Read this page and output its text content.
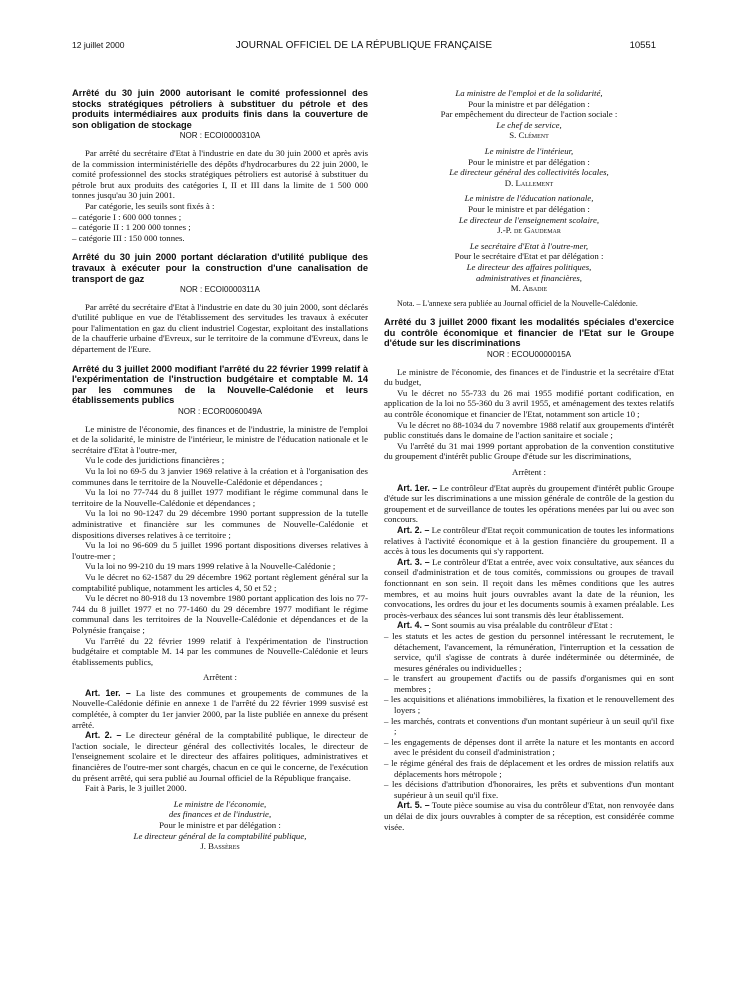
12 juillet 2000	JOURNAL OFFICIEL DE LA RÉPUBLIQUE FRANÇAISE	10551

Arrêté du 30 juin 2000 autorisant le comité professionnel des stocks stratégiques pétroliers à substituer du pétrole et des produits intermédiaires aux produits finis dans la couverture de son obligation de stockage

NOR : ECOI0000310A

Par arrêté du secrétaire d'Etat à l'industrie en date du 30 juin 2000 et après avis de la commission interministérielle des dépôts d'hydrocarbures du 22 juin 2000, le comité professionnel des stocks stratégiques pétroliers est autorisé à substituer du pétrole brut aux produits des catégories I, II et III dans la limite de 1 500 000 tonnes jusqu'au 30 juin 2001.

Par catégorie, les seuils sont fixés à :

– catégorie I : 600 000 tonnes ;

– catégorie II : 1 200 000 tonnes ;

– catégorie III : 150 000 tonnes.

Arrêté du 30 juin 2000 portant déclaration d'utilité publique des travaux à exécuter pour la construction d'une canalisation de transport de gaz

NOR : ECOI0000311A

Par arrêté du secrétaire d'Etat à l'industrie en date du 30 juin 2000, sont déclarés d'utilité publique en vue de l'établissement des servitudes les travaux à exécuter pour l'alimentation en gaz du client industriel Cogestar, exploitant des installations de la chaufferie urbaine d'Evreux, sur le territoire de la commune d'Evreux, dans le département de l'Eure.

Arrêté du 3 juillet 2000 modifiant l'arrêté du 22 février 1999 relatif à l'expérimentation de l'instruction budgétaire et comptable M. 14 par les communes de la Nouvelle-Calédonie et leurs établissements publics

NOR : ECOR0060049A

Le ministre de l'économie, des finances et de l'industrie, la ministre de l'emploi et de la solidarité, le ministre de l'intérieur, le ministre de l'éducation nationale et le secrétaire d'Etat à l'outre-mer,

Vu le code des juridictions financières ;

Vu la loi no 69-5 du 3 janvier 1969 relative à la création et à l'organisation des communes dans le territoire de la Nouvelle-Calédonie et dépendances ;

Vu la loi no 77-744 du 8 juillet 1977 modifiant le régime communal dans le territoire de la Nouvelle-Calédonie et dépendances ;

Vu la loi no 90-1247 du 29 décembre 1990 portant suppression de la tutelle administrative et financière sur les communes de Nouvelle-Calédonie et dispositions diverses relatives à ce territoire ;

Vu la loi no 96-609 du 5 juillet 1996 portant dispositions diverses relatives à l'outre-mer ;

Vu la loi no 99-210 du 19 mars 1999 relative à la Nouvelle-Calédonie ;

Vu le décret no 62-1587 du 29 décembre 1962 portant règlement général sur la comptabilité publique, notamment les articles 4, 50 et 52 ;

Vu le décret no 80-918 du 13 novembre 1980 portant application des lois no 77-744 du 8 juillet 1977 et no 77-1460 du 29 décembre 1977 modifiant le régime communal dans les territoires de la Nouvelle-Calédonie et dépendances et de la Polynésie française ;

Vu l'arrêté du 22 février 1999 relatif à l'expérimentation de l'instruction budgétaire et comptable M. 14 par les communes de Nouvelle-Calédonie et leurs établissements publics,

Arrêtent :

Art. 1er. – La liste des communes et groupements de communes de la Nouvelle-Calédonie définie en annexe 1 de l'arrêté du 22 février 1999 susvisé est complétée, à compter du 1er janvier 2000, par la liste publiée en annexe du présent arrêté.

Art. 2. – Le directeur général de la comptabilité publique, le directeur de l'action sociale, le directeur général des collectivités locales, le directeur de l'enseignement scolaire et le directeur des affaires politiques, administratives et financières de l'outre-mer sont chargés, chacun en ce qui le concerne, de l'exécution du présent arrêté, qui sera publié au Journal officiel de la République française.

Fait à Paris, le 3 juillet 2000.

Le ministre de l'économie,

des finances et de l'industrie,

Pour le ministre et par délégation :

Le directeur général de la comptabilité publique,

J. Bassères

La ministre de l'emploi et de la solidarité,

Pour la ministre et par délégation :

Par empêchement du directeur de l'action sociale :

Le chef de service,

S. Clément

Le ministre de l'intérieur,

Pour le ministre et par délégation :

Le directeur général des collectivités locales,

D. Lallement

Le ministre de l'éducation nationale,

Pour le ministre et par délégation :

Le directeur de l'enseignement scolaire,

J.-P. de Gaudemar

Le secrétaire d'Etat à l'outre-mer,

Pour le secrétaire d'Etat et par délégation :

Le directeur des affaires politiques,

administratives et financières,

M. Abadie

Nota. – L'annexe sera publiée au Journal officiel de la Nouvelle-Calédonie.

Arrêté du 3 juillet 2000 fixant les modalités spéciales d'exercice du contrôle économique et financier de l'Etat sur le Groupe d'étude sur les discriminations

NOR : ECOU0000015A

Le ministre de l'économie, des finances et de l'industrie et la secrétaire d'Etat du budget,

Vu le décret no 55-733 du 26 mai 1955 modifié portant codification, en application de la loi no 55-360 du 3 avril 1955, et aménagement des textes relatifs au contrôle économique et financier de l'Etat, notamment son article 10 ;

Vu le décret no 88-1034 du 7 novembre 1988 relatif aux groupements d'intérêt public constitués dans le domaine de l'action sanitaire et sociale ;

Vu l'arrêté du 31 mai 1999 portant approbation de la convention constitutive du groupement d'intérêt public Groupe d'étude sur les discriminations,

Arrêtent :

Art. 1er. – Le contrôleur d'Etat auprès du groupement d'intérêt public Groupe d'étude sur les discriminations a une mission générale de contrôle de la gestion du groupement et de surveillance de toutes les opérations menées par lui ou avec son concours.

Art. 2. – Le contrôleur d'Etat reçoit communication de toutes les informations relatives à l'activité économique et à la gestion financière du groupement. Il a accès à tous les documents qui s'y rapportent.

Art. 3. – Le contrôleur d'Etat a entrée, avec voix consultative, aux séances du conseil d'administration et de tous comités, commissions ou groupes de travail fonctionnant en son sein. Il reçoit dans les mêmes conditions que les autres membres, et au moins huit jours ouvrables avant la date de la réunion, les convocations, les ordres du jour et les documents soumis à examen préalable. Les procès-verbaux des séances lui sont transmis dès leur établissement.

Art. 4. – Sont soumis au visa préalable du contrôleur d'Etat :

– les statuts et les actes de gestion du personnel intéressant le recrutement, le détachement, l'avancement, la rémunération, l'interruption et la cessation de service, qu'il s'agisse de contrats à durée indéterminée ou déterminée, de mesures générales ou individuelles ;

– le transfert au groupement d'actifs ou de passifs d'organismes qui en sont membres ;

– les acquisitions et aliénations immobilières, la fixation et le renouvellement des loyers ;

– les marchés, contrats et conventions d'un montant supérieur à un seuil qu'il fixe ;

– les engagements de dépenses dont il arrête la nature et les montants en accord avec le président du conseil d'administration ;

– le régime général des frais de déplacement et les ordres de mission relatifs aux déplacements hors métropole ;

– les décisions d'attribution d'honoraires, les prêts et subventions d'un montant supérieur à un seuil qu'il fixe.

Art. 5. – Toute pièce soumise au visa du contrôleur d'Etat, non renvoyée dans un délai de dix jours ouvrables à compter de sa réception, est considérée comme visée.
